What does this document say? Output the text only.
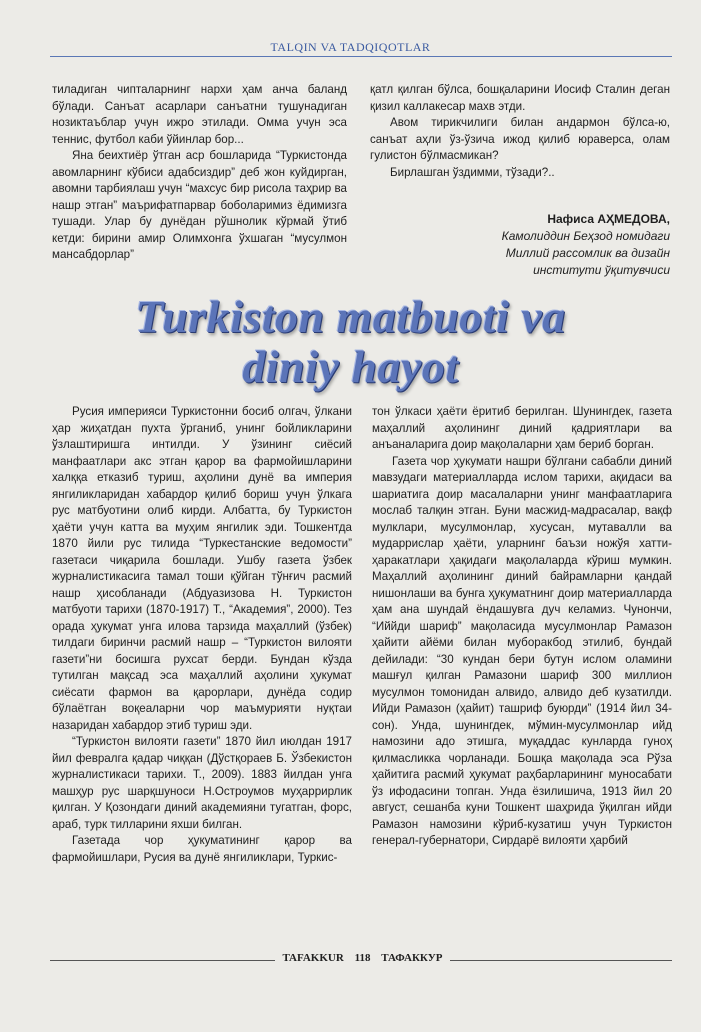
TALQIN VA TADQIQOTLAR

тиладиган чипталарнинг нархи ҳам анча баланд бўлади. Санъат асарлари санъатни тушунадиган нозиктаъблар учун ижро этилади. Омма учун эса теннис, футбол каби ўйинлар бор...

Яна беихтиёр ўтган аср бошларида “Туркистонда авомларнинг кўбиси адабсиздир” деб жон куйдирган, авомни тарбиялаш учун “махсус бир рисола таҳрир ва нашр этган” маърифатпарвар боболаримиз ёдимизга тушади. Улар бу дунёдан рўшнолик кўрмай ўтиб кетди: бирини амир Олимхонга ўхшаган “мусулмон мансабдорлар”

қатл қилган бўлса, бошқаларини Иосиф Сталин деган қизил каллакесар махв этди.

Авом тирикчилиги билан андармон бўлса-ю, санъат аҳли ўз-ўзича ижод қилиб юраверса, олам гулистон бўлмасмикан?

Бирлашган ўздимми, тўзади?..

Нафиса АҲМЕДОВА,
Камолиддин Беҳзод номидаги
Миллий рассомлик ва дизайн
институти ўқитувчиси
Turkiston matbuoti va
diniy hayot

Русия империяси Туркистонни босиб олгач, ўлкани ҳар жиҳатдан пухта ўрганиб, унинг бойликларини ўзлаштиришга интилди. У ўзининг сиёсий манфаатлари акс этган қарор ва фармойишларини халққа етказиб туриш, аҳолини дунё ва империя янгиликларидан хабардор қилиб бориш учун ўлкага рус матбуотини олиб кирди. Албатта, бу Туркистон ҳаёти учун катта ва муҳим янгилик эди. Тошкентда 1870 йили рус тилида “Туркестанские ведомости” газетаси чиқарила бошлади. Ушбу газета ўзбек журналистикасига тамал тоши қўйган тўнғич расмий нашр ҳисобланади (Абдуазизова Н. Туркистон матбуоти тарихи (1870-1917) Т., “Академия”, 2000). Тез орада ҳукумат унга илова тарзида маҳаллий (ўзбек) тилдаги биринчи расмий нашр – “Туркистон вилояти газети”ни босишга рухсат берди. Бундан кўзда тутилган мақсад эса маҳаллий аҳолини ҳукумат сиёсати фармон ва қарорлари, дунёда содир бўлаётган воқеаларни чор маъмурияти нуқтаи назаридан хабардор этиб туриш эди.

“Туркистон вилояти газети” 1870 йил июлдан 1917 йил февралга қадар чиққан (Дўстқораев Б. Ўзбекистон журналистикаси тарихи. Т., 2009). 1883 йилдан унга машҳур рус шарқшуноси Н.Остроумов муҳаррирлик қилган. У Қозондаги диний академияни тугатган, форс, араб, турк тилларини яхши билган.

Газетада чор ҳукуматининг қарор ва фармойишлари, Русия ва дунё янгиликлари, Туркис-

тон ўлкаси ҳаёти ёритиб берилган. Шунингдек, газета маҳаллий аҳолининг диний қадриятлари ва анъаналарига доир мақолаларни ҳам бериб борган.

Газета чор ҳукумати нашри бўлгани сабабли диний мавзудаги материалларда ислом тарихи, ақидаси ва шариатига доир масалаларни унинг манфаатларига мослаб талқин этган. Буни масжид-мадрасалар, вақф мулклари, мусулмонлар, хусусан, мутавалли ва мударрислар ҳаёти, уларнинг баъзи ножўя хатти-ҳаракатлари ҳақидаги мақолаларда кўриш мумкин. Маҳаллий аҳолининг диний байрамларни қандай нишонлаши ва бунга ҳукуматнинг доир материалларда ҳам ана шундай ёндашувга дуч келамиз. Чунончи, “Иййди шариф” мақоласида мусулмонлар Рамазон ҳайити айёми билан муборакбод этилиб, бундай дейилади: “30 кундан бери бутун ислом оламини машғул қилган Рамазони шариф 300 миллион мусулмон томонидан алвидо, алвидо деб кузатилди. Ийди Рамазон (ҳайит) ташриф буюрди” (1914 йил 34-сон). Унда, шунингдек, мўмин-мусулмонлар ийд намозини адо этишга, муқаддас кунларда гуноҳ қилмасликка чорланади. Бошқа мақолада эса Рўза ҳайитига расмий ҳукумат раҳбарларининг муносабати ўз ифодасини топган. Унда ёзилишича, 1913 йил 20 август, сешанба куни Тошкент шаҳрида ўқилган ийди Рамазон намозини кўриб-кузатиш учун Туркистон генерал-губернатори, Сирдарё вилояти ҳарбий

TAFAKKUR 118 ТАФАККУР
